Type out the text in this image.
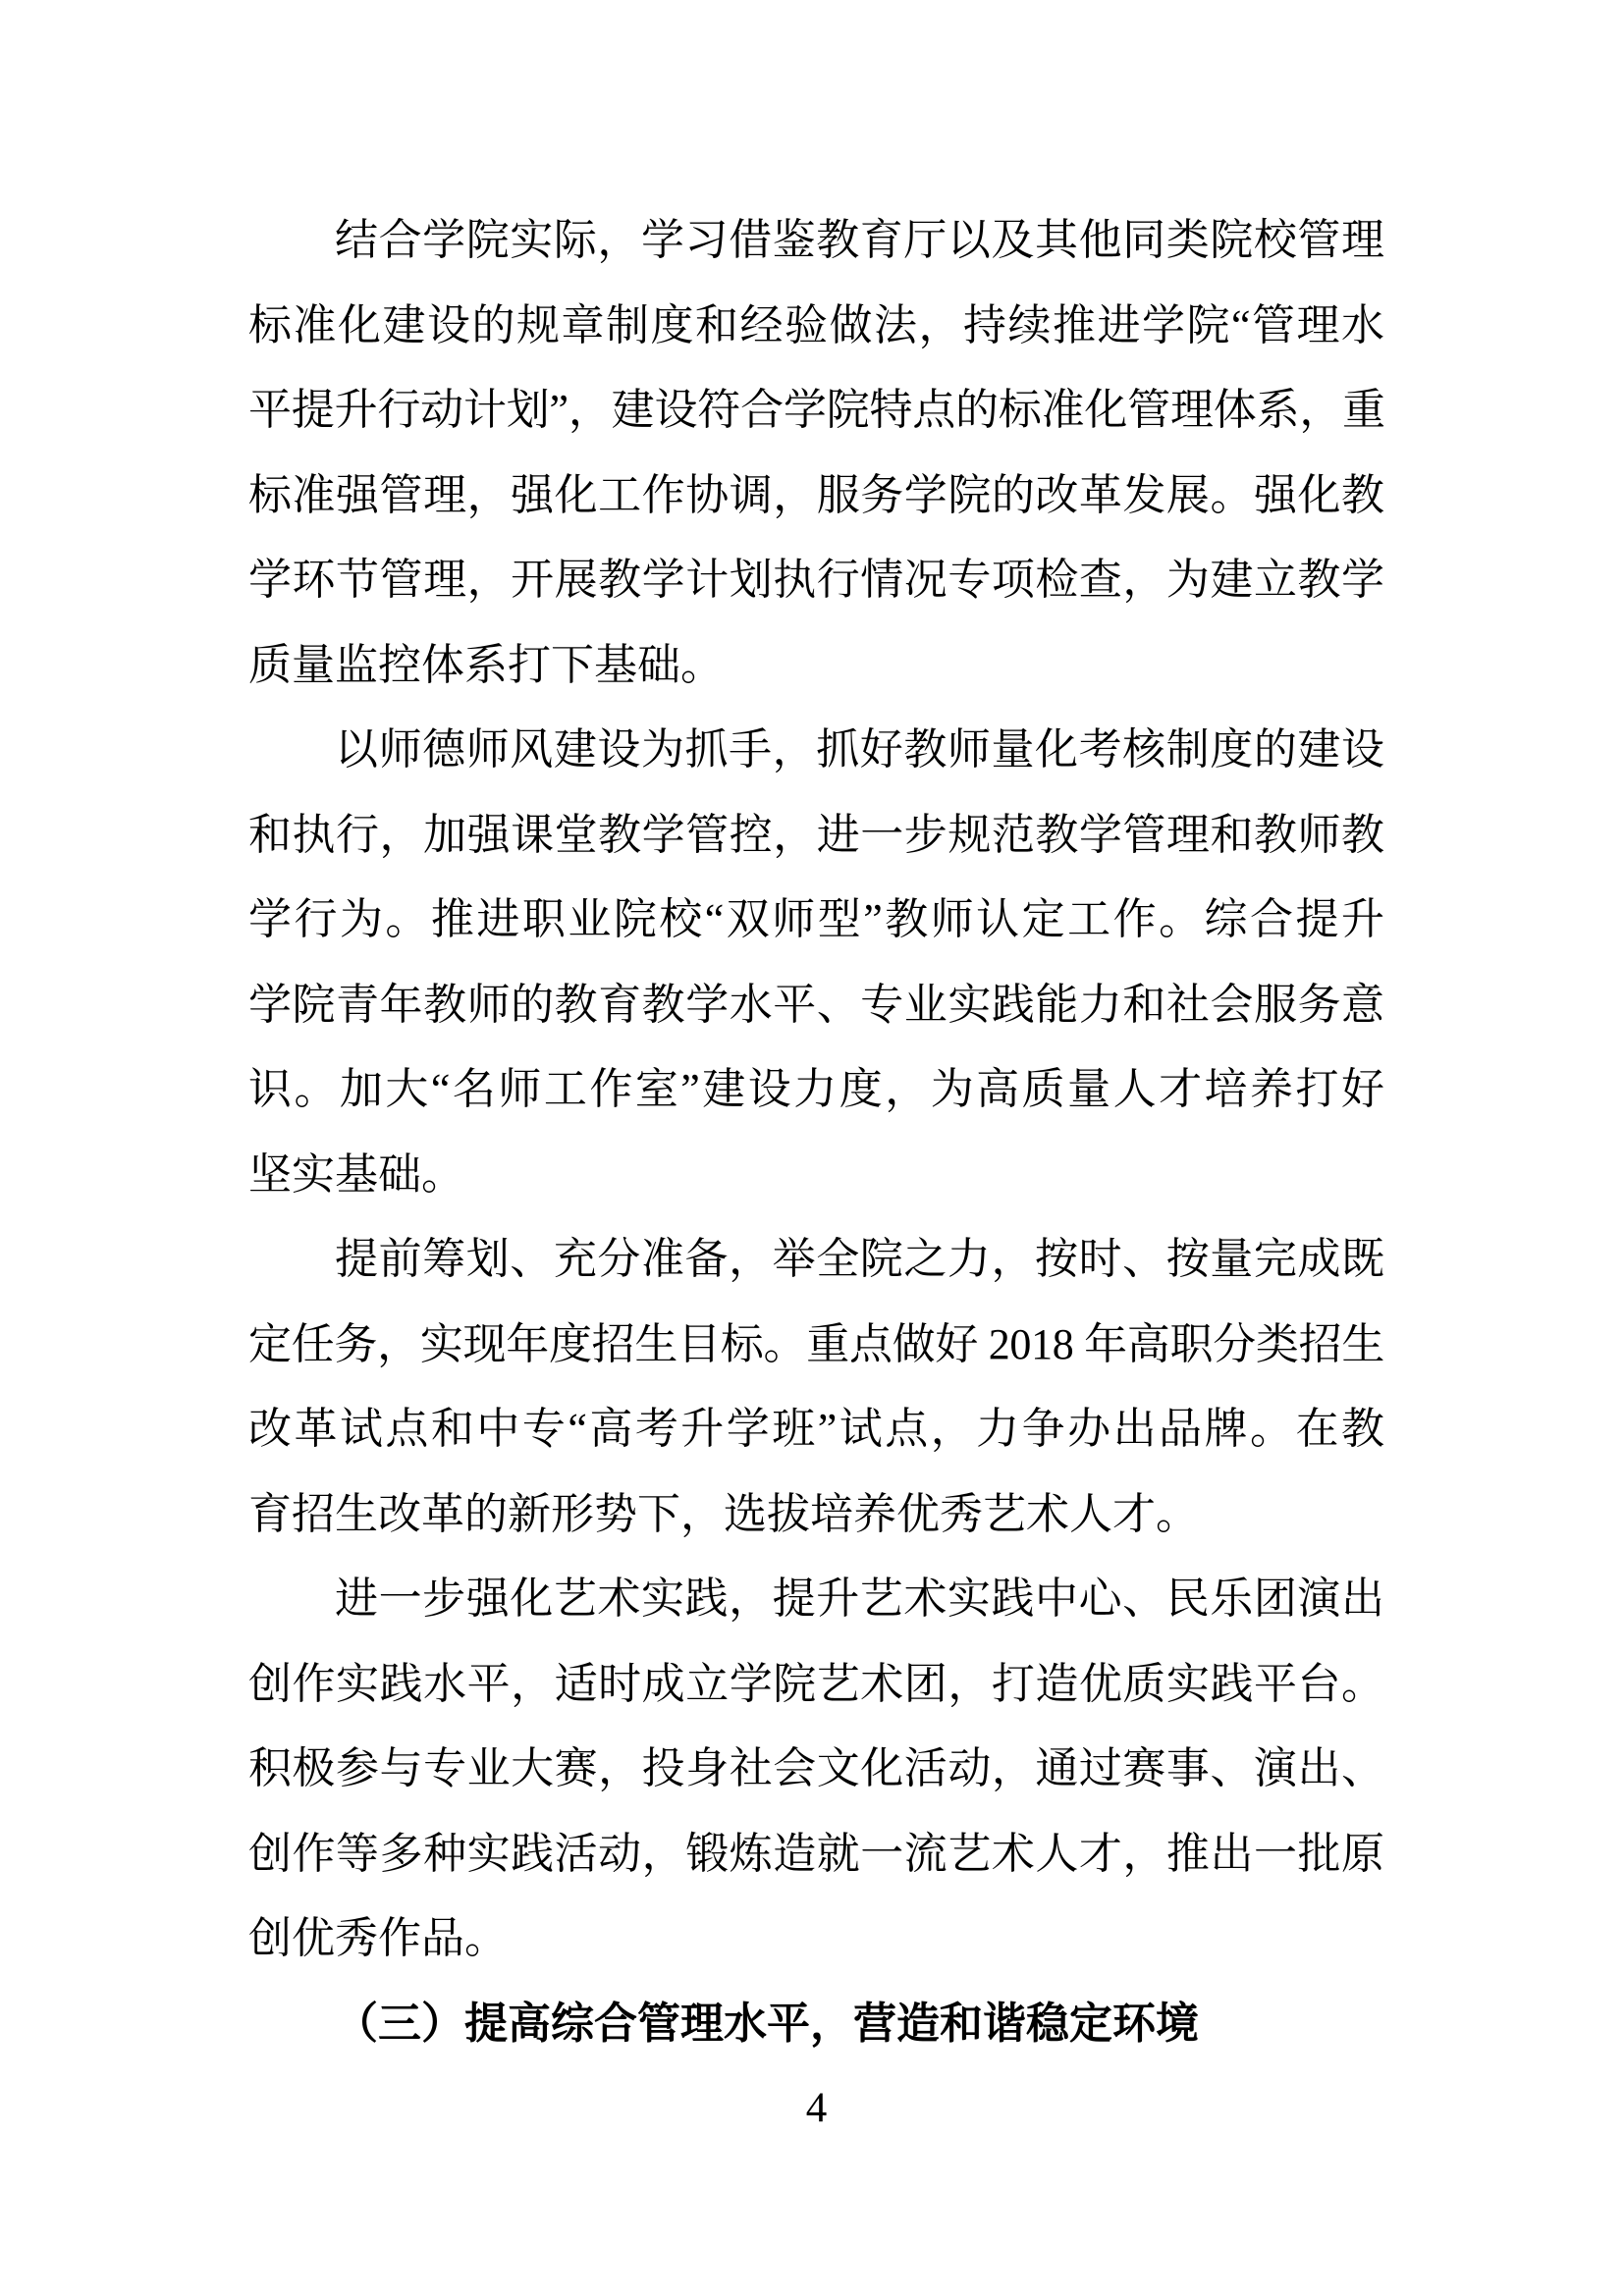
结合学院实际，学习借鉴教育厅以及其他同类院校管理
标准化建设的规章制度和经验做法，持续推进学院“管理水
平提升行动计划”，建设符合学院特点的标准化管理体系，重
标准强管理，强化工作协调，服务学院的改革发展。强化教
学环节管理，开展教学计划执行情况专项检查，为建立教学
质量监控体系打下基础。
以师德师风建设为抓手，抓好教师量化考核制度的建设
和执行，加强课堂教学管控，进一步规范教学管理和教师教
学行为。推进职业院校“双师型”教师认定工作。综合提升
学院青年教师的教育教学水平、专业实践能力和社会服务意
识。加大“名师工作室”建设力度，为高质量人才培养打好
坚实基础。
提前筹划、充分准备，举全院之力，按时、按量完成既
定任务，实现年度招生目标。重点做好 2018 年高职分类招生
改革试点和中专“高考升学班”试点，力争办出品牌。在教
育招生改革的新形势下，选拔培养优秀艺术人才。
进一步强化艺术实践，提升艺术实践中心、民乐团演出
创作实践水平，适时成立学院艺术团，打造优质实践平台。
积极参与专业大赛，投身社会文化活动，通过赛事、演出、
创作等多种实践活动，锻炼造就一流艺术人才，推出一批原
创优秀作品。
（三）提高综合管理水平，营造和谐稳定环境
4
